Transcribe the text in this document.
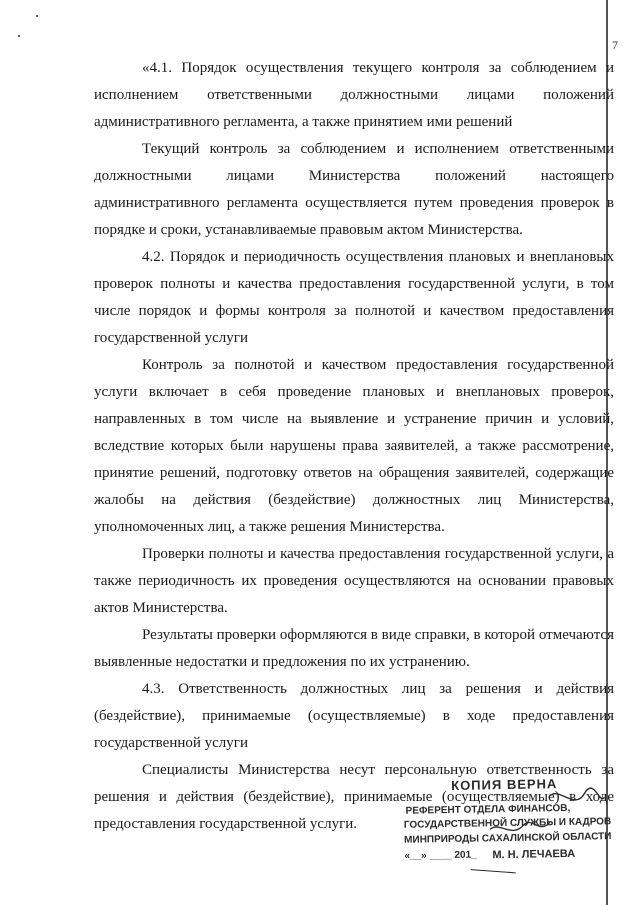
7

«4.1. Порядок осуществления текущего контроля за соблюдением и исполнением ответственными должностными лицами положений административного регламента, а также принятием ими решений

Текущий контроль за соблюдением и исполнением ответственными должностными лицами Министерства положений настоящего административного регламента осуществляется путем проведения проверок в порядке и сроки, устанавливаемые правовым актом Министерства.

4.2. Порядок и периодичность осуществления плановых и внеплановых проверок полноты и качества предоставления государственной услуги, в том числе порядок и формы контроля за полнотой и качеством предоставления государственной услуги

Контроль за полнотой и качеством предоставления государственной услуги включает в себя проведение плановых и внеплановых проверок, направленных в том числе на выявление и устранение причин и условий, вследствие которых были нарушены права заявителей, а также рассмотрение, принятие решений, подготовку ответов на обращения заявителей, содержащие жалобы на действия (бездействие) должностных лиц Министерства, уполномоченных лиц, а также решения Министерства.

Проверки полноты и качества предоставления государственной услуги, а также периодичность их проведения осуществляются на основании правовых актов Министерства.

Результаты проверки оформляются в виде справки, в которой отмечаются выявленные недостатки и предложения по их устранению.

4.3. Ответственность должностных лиц за решения и действия (бездействие), принимаемые (осуществляемые) в ходе предоставления государственной услуги

Специалисты Министерства несут персональную ответственность за решения и действия (бездействие), принимаемые (осуществляемые) в ходе предоставления государственной услуги.

КОПИЯ ВЕРНА
РЕФЕРЕНТ ОТДЕЛА ФИНАНСОВ,
ГОСУДАРСТВЕННОЙ СЛУЖБЫ И КАДРОВ
МИНПРИРОДЫ САХАЛИНСКОЙ ОБЛАСТИ
«__» ____ 201_ М. Н. ЛЕЧАЕВА
